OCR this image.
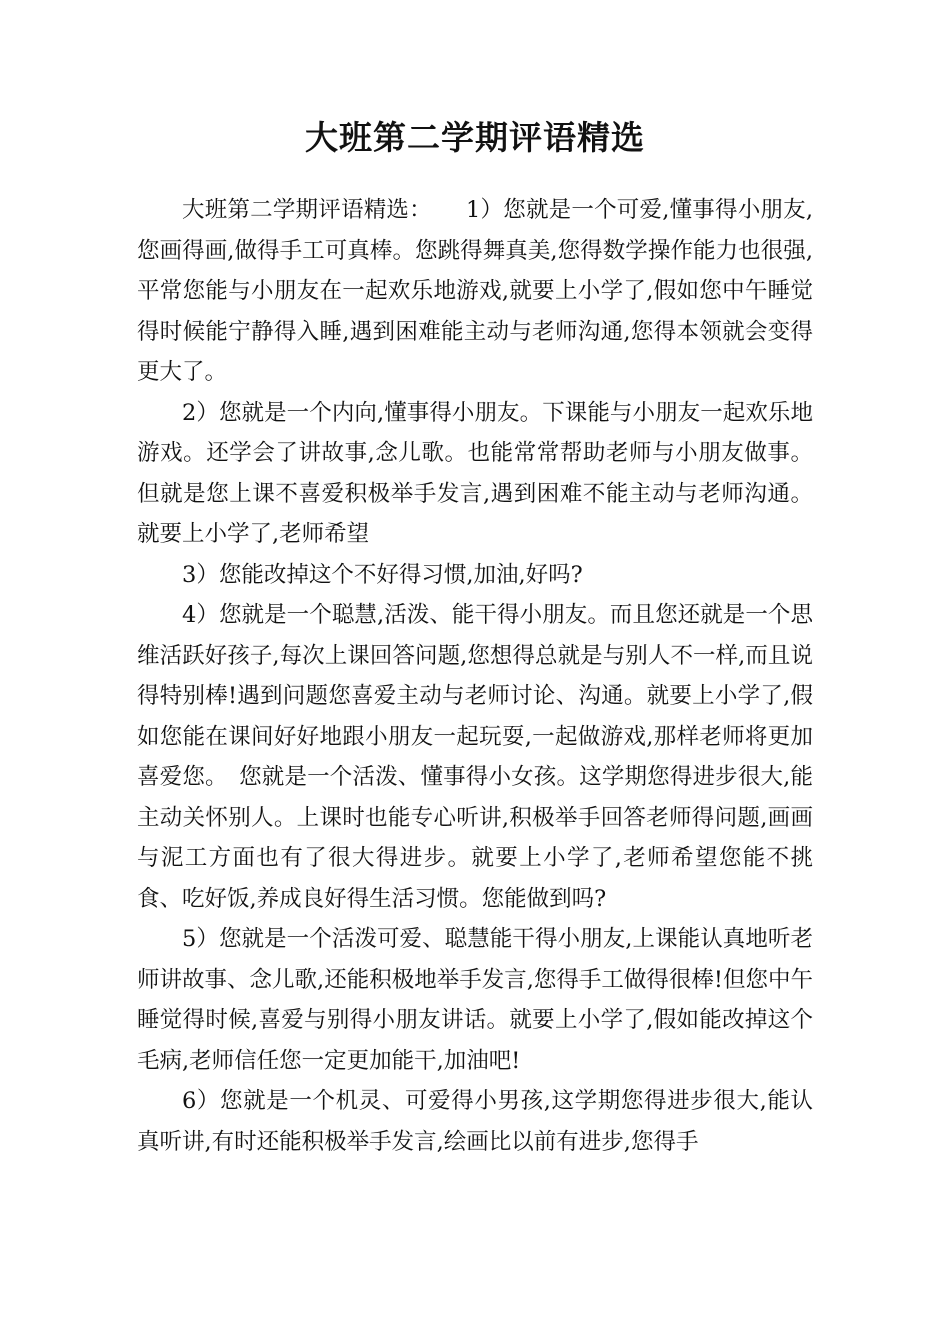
大班第二学期评语精选

大班第二学期评语精选：　　1）您就是一个可爱,懂事得小朋友,您画得画,做得手工可真棒。您跳得舞真美,您得数学操作能力也很强,平常您能与小朋友在一起欢乐地游戏,就要上小学了,假如您中午睡觉得时候能宁静得入睡,遇到困难能主动与老师沟通,您得本领就会变得更大了。

2）您就是一个内向,懂事得小朋友。下课能与小朋友一起欢乐地游戏。还学会了讲故事,念儿歌。也能常常帮助老师与小朋友做事。但就是您上课不喜爱积极举手发言,遇到困难不能主动与老师沟通。就要上小学了,老师希望

3）您能改掉这个不好得习惯,加油,好吗?

4）您就是一个聪慧,活泼、能干得小朋友。而且您还就是一个思维活跃好孩子,每次上课回答问题,您想得总就是与别人不一样,而且说得特别棒!遇到问题您喜爱主动与老师讨论、沟通。就要上小学了,假如您能在课间好好地跟小朋友一起玩耍,一起做游戏,那样老师将更加喜爱您。　您就是一个活泼、懂事得小女孩。这学期您得进步很大,能主动关怀别人。上课时也能专心听讲,积极举手回答老师得问题,画画与泥工方面也有了很大得进步。就要上小学了,老师希望您能不挑食、吃好饭,养成良好得生活习惯。您能做到吗?

5）您就是一个活泼可爱、聪慧能干得小朋友,上课能认真地听老师讲故事、念儿歌,还能积极地举手发言,您得手工做得很棒!但您中午睡觉得时候,喜爱与别得小朋友讲话。就要上小学了,假如能改掉这个毛病,老师信任您一定更加能干,加油吧!

6）您就是一个机灵、可爱得小男孩,这学期您得进步很大,能认真听讲,有时还能积极举手发言,绘画比以前有进步,您得手
